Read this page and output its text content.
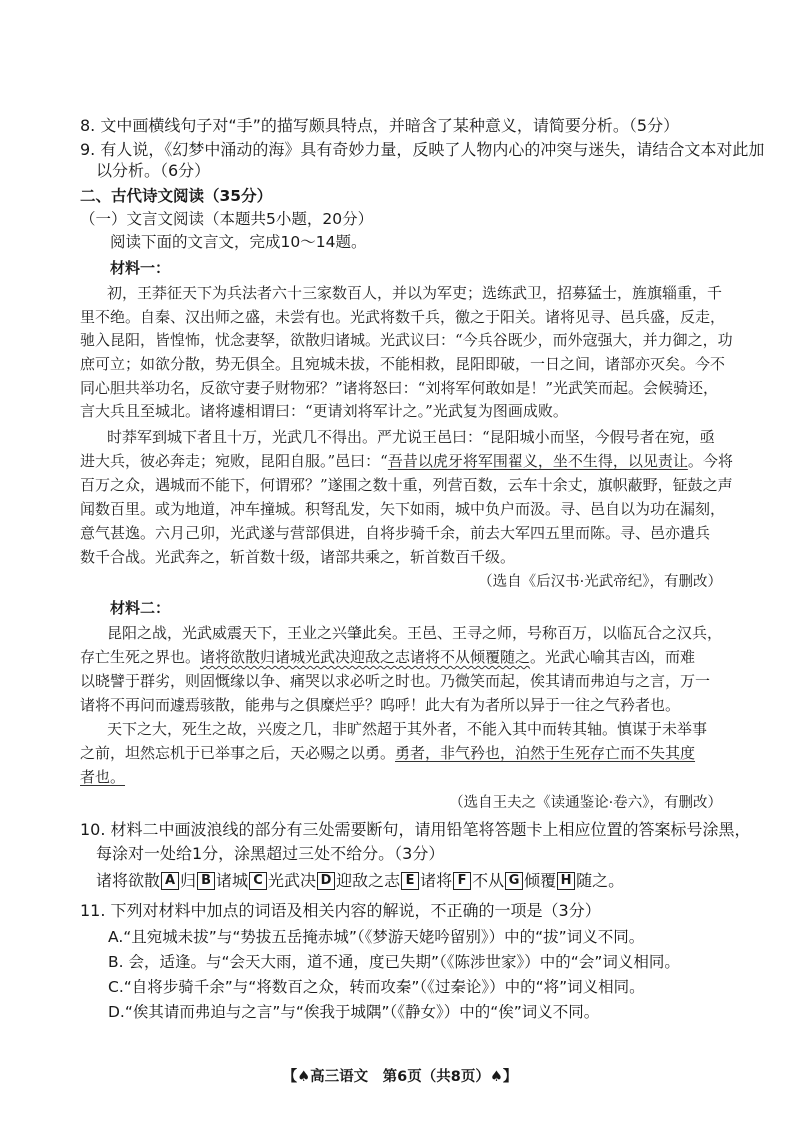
8. 文中画横线句子对“手”的描写颇具特点，并暗含了某种意义，请简要分析。（5分）
9. 有人说，《幻梦中涌动的海》具有奇妙力量，反映了人物内心的冲突与迷失，请结合文本对此加
以分析。（6分）
二、古代诗文阅读（35分）
（一）文言文阅读（本题共5小题，20分）
阅读下面的文言文，完成10～14题。
材料一：
初，王莽征天下为兵法者六十三家数百人，并以为军吏；选练武卫，招募猛士，旌旗辎重，千
里不绝。自秦、汉出师之盛，未尝有也。光武将数千兵，徼之于阳关。诸将见寻、邑兵盛，反走，
驰入昆阳，皆惶怖，忧念妻孥，欲散归诸城。光武议曰：“今兵谷既少，而外寇强大，并力御之，功
庶可立；如欲分散，势无俱全。且宛城未拔，不能相救，昆阳即破，一日之间，诸部亦灭矣。今不
同心胆共举功名，反欲守妻子财物邪？”诸将怒曰：“刘将军何敢如是！”光武笑而起。会候骑还，
言大兵且至城北。诸将遽相谓曰：“更请刘将军计之。”光武复为图画成败。
时莽军到城下者且十万，光武几不得出。严尤说王邑曰：“昆阳城小而坚，今假号者在宛，亟
进大兵，彼必奔走；宛败，昆阳自服。”邑曰：“吾昔以虎牙将军围翟义，坐不生得，以见责让。今将
百万之众，遇城而不能下，何谓邪？”遂围之数十重，列营百数，云车十余丈，旗帜蔽野，钲鼓之声
闻数百里。或为地道，冲车撞城。积弩乱发，矢下如雨，城中负户而汲。寻、邑自以为功在漏刻，
意气甚逸。六月己卯，光武遂与营部俱进，自将步骑千余，前去大军四五里而陈。寻、邑亦遣兵
数千合战。光武奔之，斩首数十级，诸部共乘之，斩首数百千级。
（选自《后汉书·光武帝纪》，有删改）
材料二：
昆阳之战，光武威震天下，王业之兴肇此矣。王邑、王寻之师，号称百万，以临瓦合之汉兵，
存亡生死之界也。诸将欲散归诸城光武决迎敌之志诸将不从倾覆随之。光武心喻其吉凶，而难
以晓譬于群劣，则固慨缘以争、痛哭以求必听之时也。乃微笑而起，俟其请而弗迫与之言，万一
诸将不再问而遽焉骇散，能弗与之俱糜烂乎？呜呼！此大有为者所以异于一往之气矜者也。
天下之大，死生之故，兴废之几，非旷然超于其外者，不能入其中而转其轴。慎谋于未举事
之前，坦然忘机于已举事之后，天必赐之以勇。勇者，非气矜也，泊然于生死存亡而不失其度
者也。
（选自王夫之《读通鉴论·卷六》，有删改）
10. 材料二中画波浪线的部分有三处需要断句，请用铅笔将答题卡上相应位置的答案标号涂黑，
每涂对一处给1分，涂黑超过三处不给分。（3分）
诸将欲散 A 归 B 诸城 C 光武决 D 迎敌之志 E 诸将 F 不从 G 倾覆 H 随之。
11. 下列对材料中加点的词语及相关内容的解说，不正确的一项是（3分）
A.“且宛城未拔”与“势拔五岳掩赤城”（《梦游天姥吟留别》）中的“拔”词义不同。
B. 会，适逢。与“会天大雨，道不通，度已失期”（《陈涉世家》）中的“会”词义相同。
C.“自将步骑千余”与“将数百之众，转而攻秦”（《过秦论》）中的“将”词义相同。
D.“俟其请而弗迫与之言”与“俟我于城隅”（《静女》）中的“俟”词义不同。
【♠高三语文　第6页（共8页）♠】
